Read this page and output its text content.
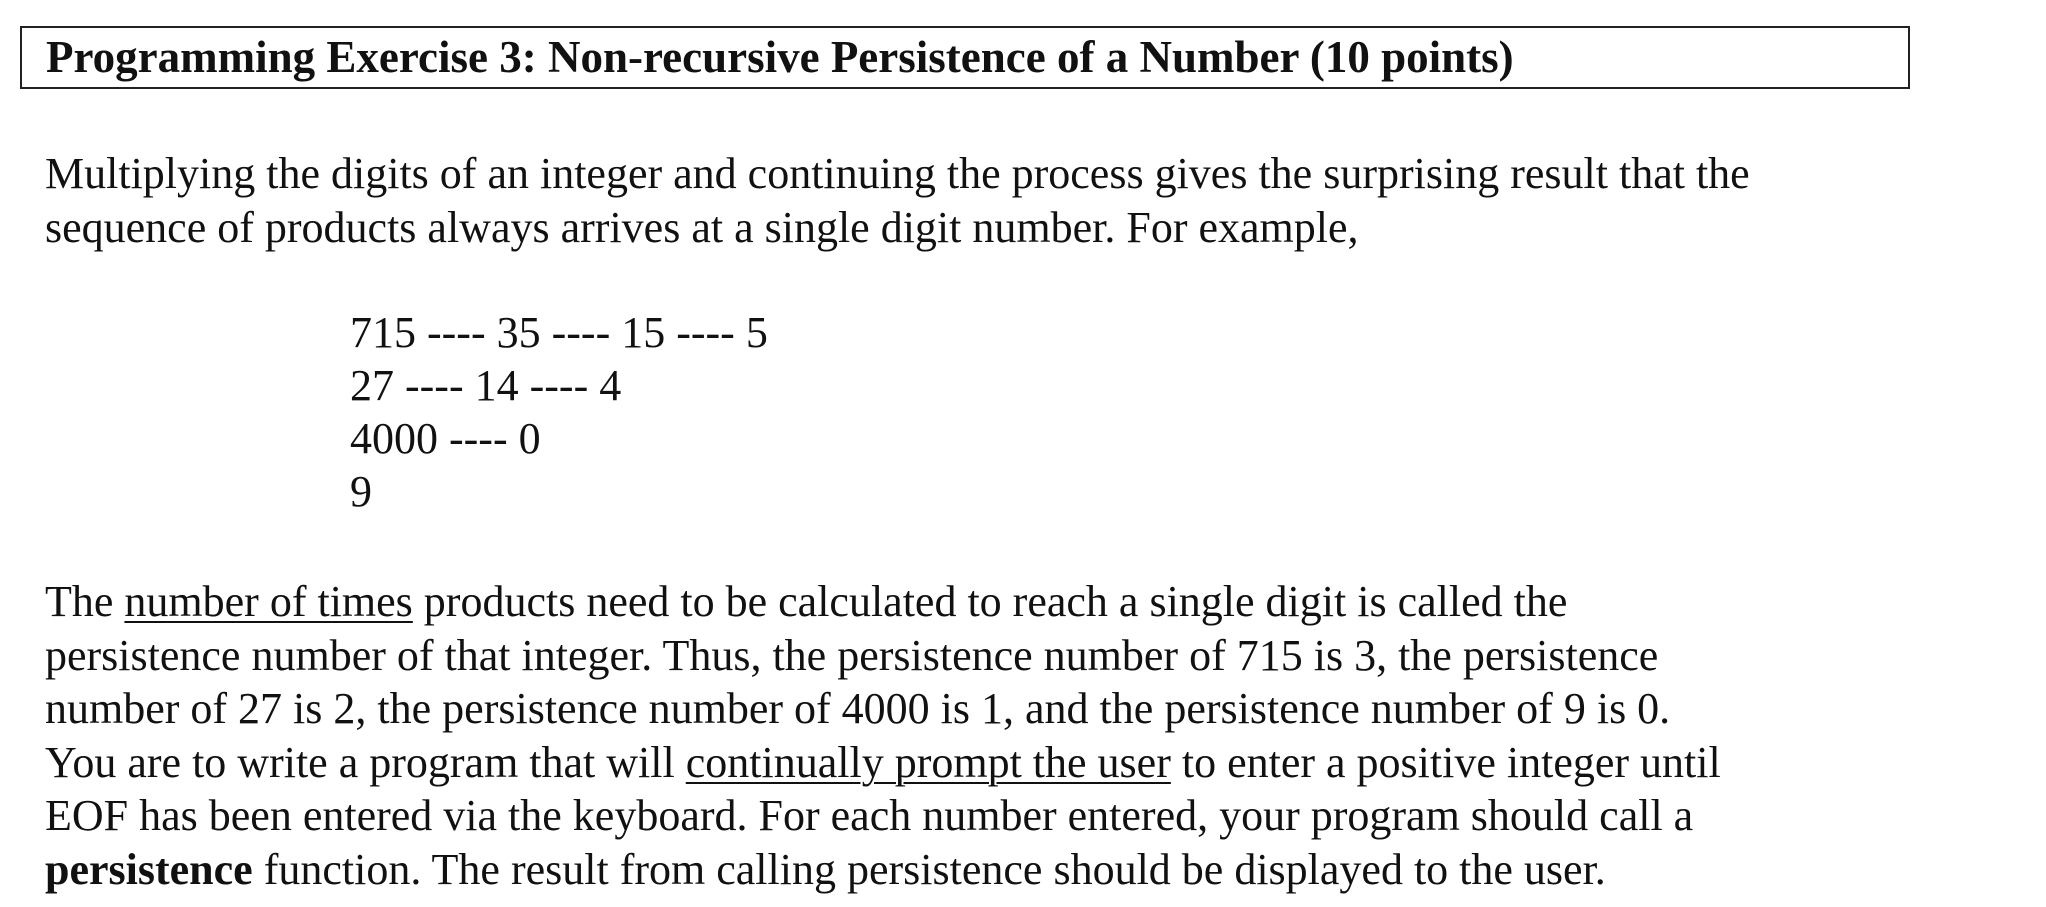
Programming Exercise 3: Non-recursive Persistence of a Number (10 points)
Multiplying the digits of an integer and continuing the process gives the surprising result that the
sequence of products always arrives at a single digit number. For example,
715 ---- 35 ---- 15 ---- 5
27 ---- 14 ---- 4
4000 ---- 0
9
The number of times products need to be calculated to reach a single digit is called the
persistence number of that integer. Thus, the persistence number of 715 is 3, the persistence
number of 27 is 2, the persistence number of 4000 is 1, and the persistence number of 9 is 0.
You are to write a program that will continually prompt the user to enter a positive integer until
EOF has been entered via the keyboard. For each number entered, your program should call a
persistence function. The result from calling persistence should be displayed to the user.
